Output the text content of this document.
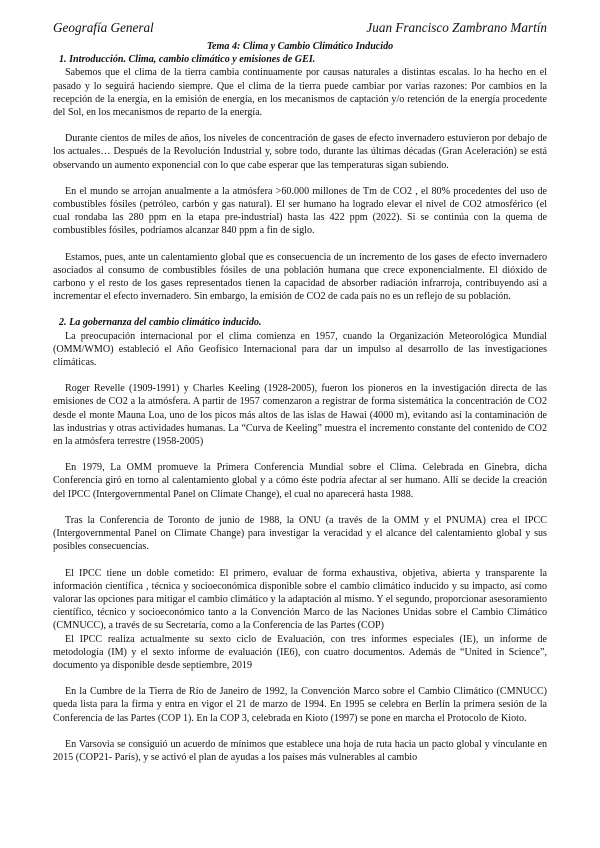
Geografía General	Juan Francisco Zambrano Martín
Tema 4: Clima y Cambio Climático Inducido
1. Introducción. Clima, cambio climático y emisiones de GEI.

Sabemos que el clima de la tierra cambia continuamente por causas naturales a distintas escalas. lo ha hecho en el pasado y lo seguirá haciendo siempre. Que el clima de la tierra puede cambiar por varias razones: Por cambios en la recepción de la energía, en la emisión de energía, en los mecanismos de captación y/o retención de la energía procedente del Sol, en los mecanismos de reparto de la energía.

Durante cientos de miles de años, los niveles de concentración de gases de efecto invernadero estuvieron por debajo de los actuales… Después de la Revolución Industrial y, sobre todo, durante las últimas décadas (Gran Aceleración) se está observando un aumento exponencial con lo que cabe esperar que las temperaturas sigan subiendo.

En el mundo se arrojan anualmente a la atmósfera >60.000 millones de Tm de CO2 , el 80% procedentes del uso de combustibles fósiles (petróleo, carbón y gas natural). El ser humano ha logrado elevar el nivel de CO2 atmosférico (el cual rondaba las 280 ppm en la etapa pre-industrial) hasta las 422 ppm (2022). Si se continúa con la quema de combustibles fósiles, podríamos alcanzar 840 ppm a fin de siglo.

Estamos, pues, ante un calentamiento global que es consecuencia de un incremento de los gases de efecto invernadero asociados al consumo de combustibles fósiles de una población humana que crece exponencialmente. El dióxido de carbono y el resto de los gases representados tienen la capacidad de absorber radiación infrarroja, contribuyendo así a incrementar el efecto invernadero. Sin embargo, la emisión de CO2 de cada país no es un reflejo de su población.

2. La gobernanza del cambio climático inducido.

La preocupación internacional por el clima comienza en 1957, cuando la Organización Meteorológica Mundial (OMM/WMO) estableció el Año Geofísico Internacional para dar un impulso al desarrollo de las investigaciones climáticas.

Roger Revelle (1909-1991) y Charles Keeling (1928-2005), fueron los pioneros en la investigación directa de las emisiones de CO2 a la atmósfera. A partir de 1957 comenzaron a registrar de forma sistemática la concentración de CO2 desde el monte Mauna Loa, uno de los picos más altos de las islas de Hawai (4000 m), evitando así la contaminación de las industrias y otras actividades humanas. La “Curva de Keeling” muestra el incremento constante del contenido de CO2 en la atmósfera terrestre (1958-2005)

En 1979, La OMM promueve la Primera Conferencia Mundial sobre el Clima. Celebrada en Ginebra, dicha Conferencia giró en torno al calentamiento global y a cómo éste podría afectar al ser humano. Allí se decide la creación del IPCC (Intergovernmental Panel on Climate Change), el cual no aparecerá hasta 1988.

Tras la Conferencia de Toronto de junio de 1988, la ONU (a través de la OMM y el PNUMA) crea el IPCC (Intergovernmental Panel on Climate Change) para investigar la veracidad y el alcance del calentamiento global y sus posibles consecuencias.

El IPCC tiene un doble cometido: El primero, evaluar de forma exhaustiva, objetiva, abierta y transparente la información científica , técnica y socioeconómica disponible sobre el cambio climático inducido y su impacto, así como valorar las opciones para mitigar el cambio climático y la adaptación al mismo. Y el segundo, proporcionar asesoramiento científico, técnico y socioeconómico tanto a la Convención Marco de las Naciones Unidas sobre el Cambio Climático (CMNUCC), a través de su Secretaría, como a la Conferencia de las Partes (COP)

El IPCC realiza actualmente su sexto ciclo de Evaluación, con tres informes especiales (IE), un informe de metodología (IM) y el sexto informe de evaluación (IE6), con cuatro documentos. Además de “United in Science”, documento ya disponible desde septiembre, 2019

En la Cumbre de la Tierra de Río de Janeiro de 1992, la Convención Marco sobre el Cambio Climático (CMNUCC) queda lista para la firma y entra en vigor el 21 de marzo de 1994. En 1995 se celebra en Berlín la primera sesión de la Conferencia de las Partes (COP 1). En la COP 3, celebrada en Kioto (1997) se pone en marcha el Protocolo de Kioto.

En Varsovia se consiguió un acuerdo de mínimos que establece una hoja de ruta hacia un pacto global y vinculante en 2015 (COP21- París), y se activó el plan de ayudas a los países más vulnerables al cambio
